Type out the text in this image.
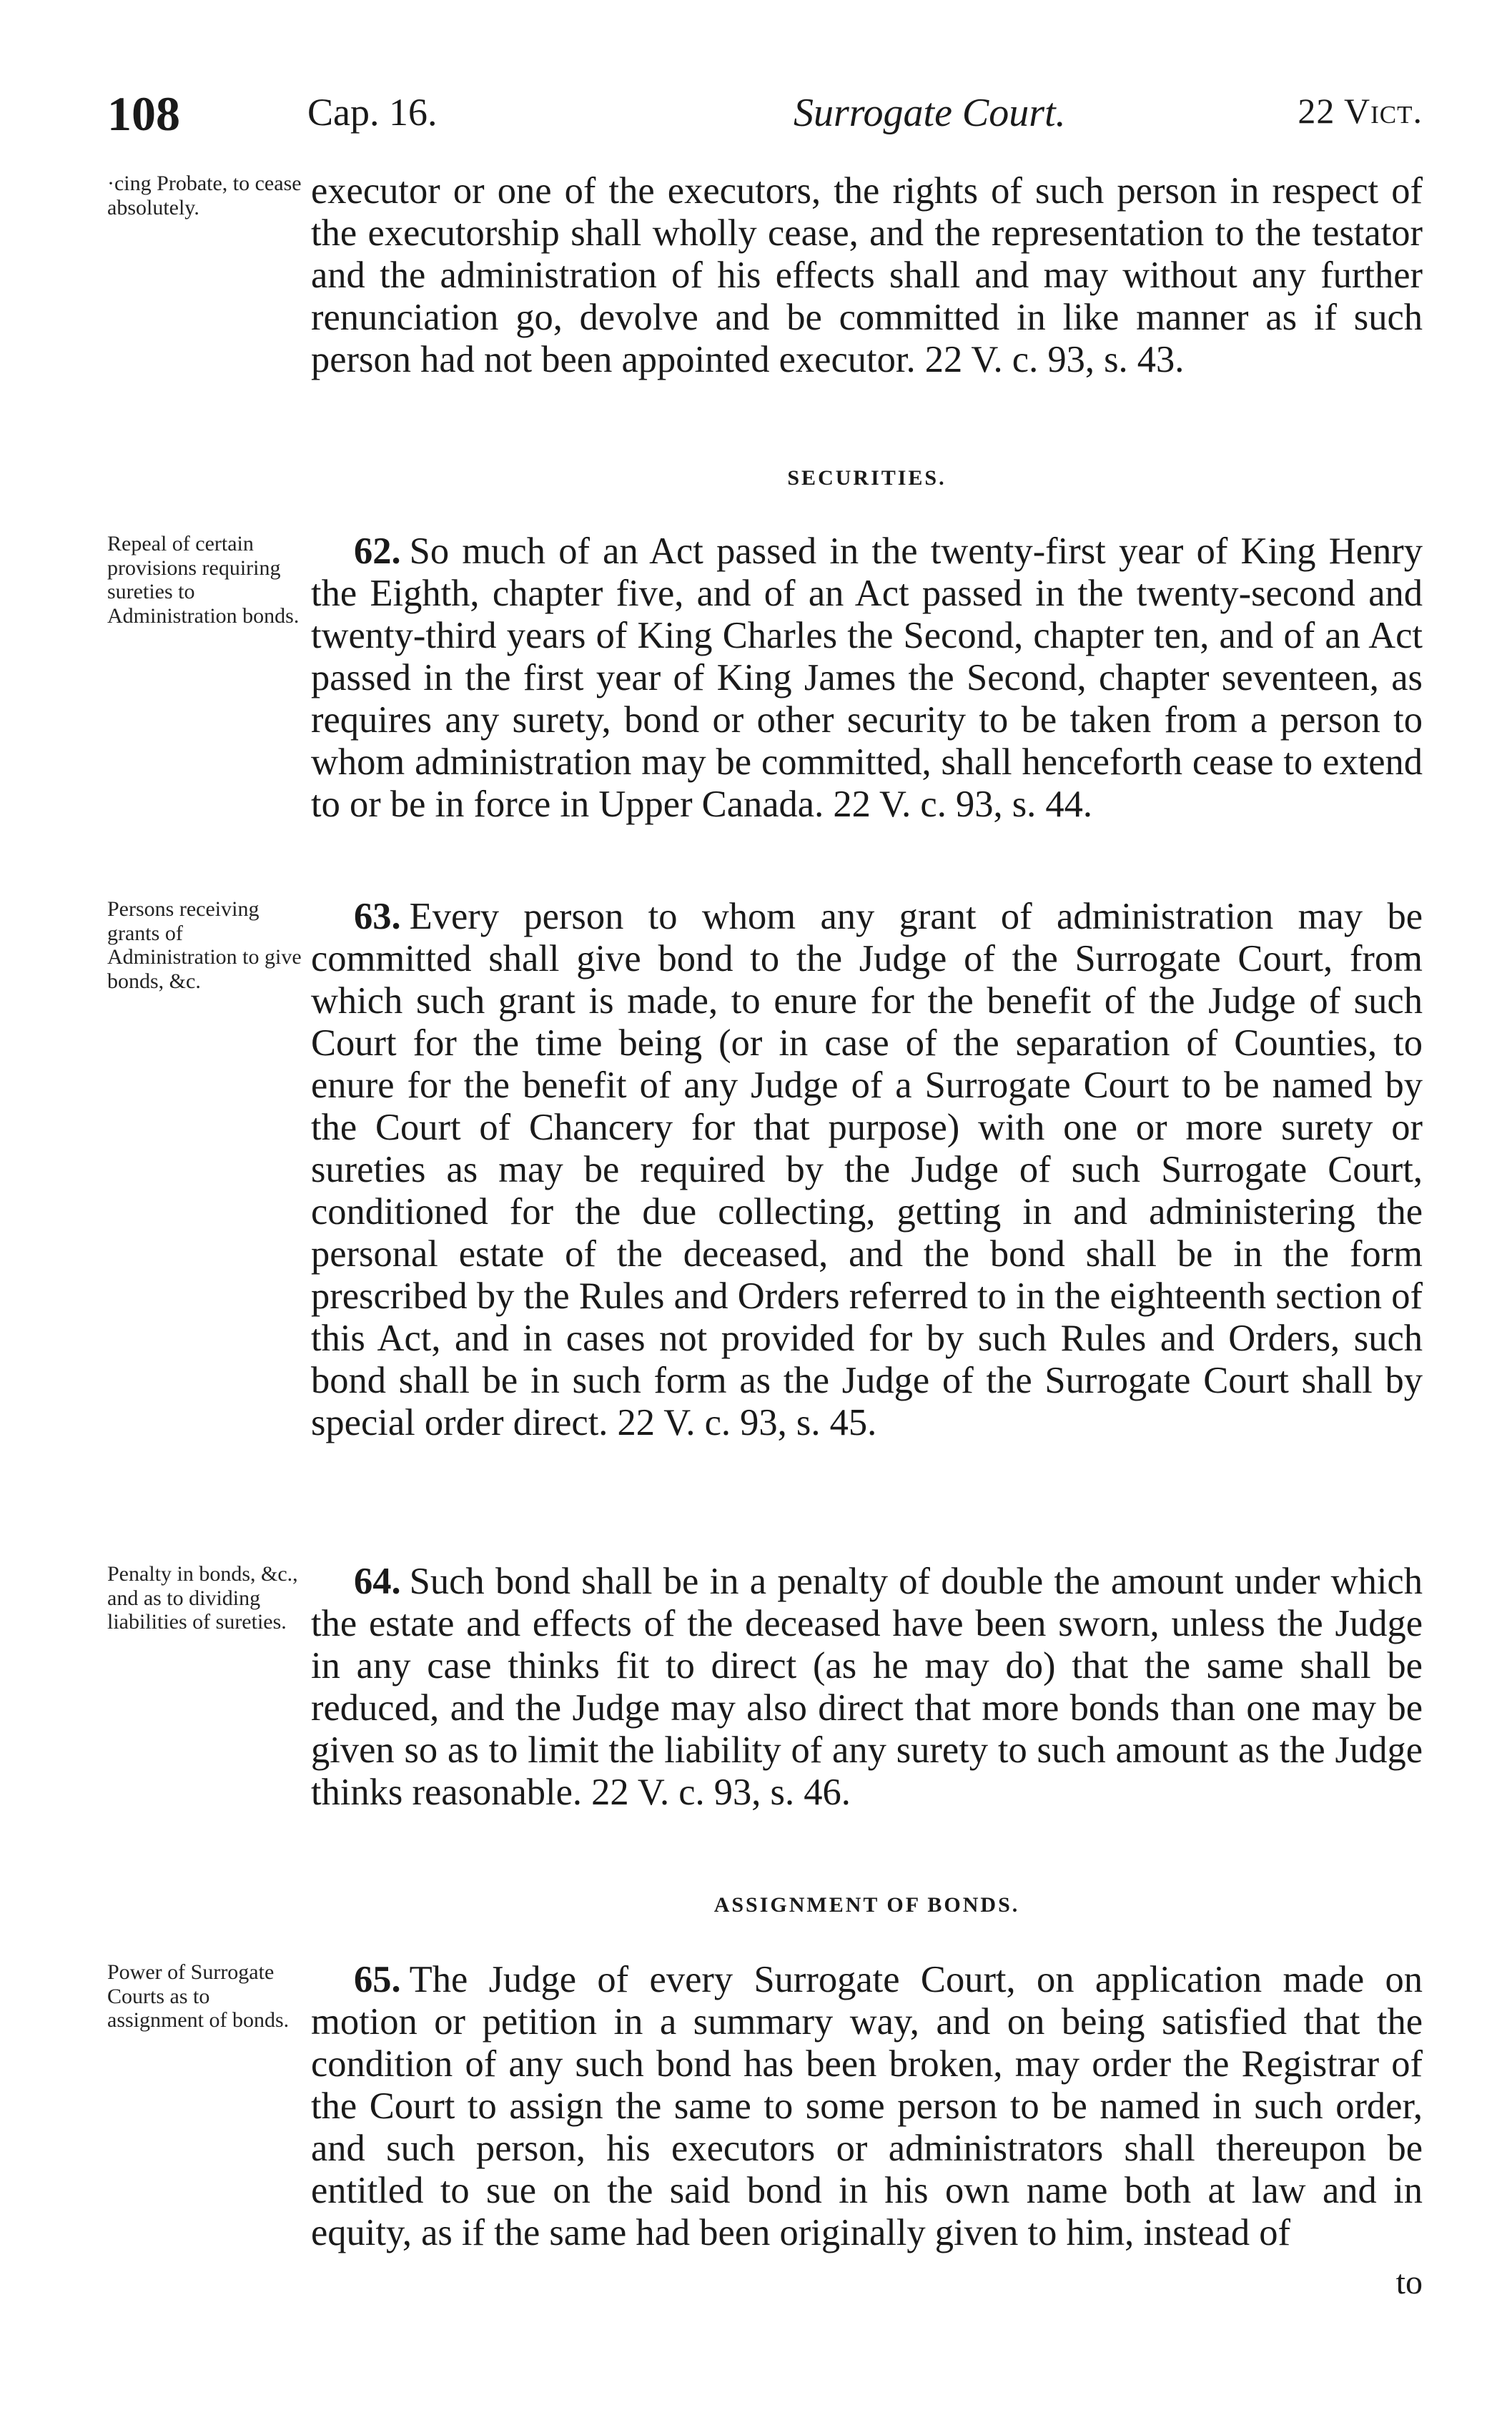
108	Cap. 16.	Surrogate Court.	22 Vict.
·cing Probate, to cease absolutely.	executor or one of the executors, the rights of such person in respect of the executorship shall wholly cease, and the representation to the testator and the administration of his effects shall and may without any further renunciation go, devolve and be committed in like manner as if such person had not been appointed executor. 22 V. c. 93, s. 43.
SECURITIES.
Repeal of certain provisions requiring sureties to Administration bonds.
62. So much of an Act passed in the twenty-first year of King Henry the Eighth, chapter five, and of an Act passed in the twenty-second and twenty-third years of King Charles the Second, chapter ten, and of an Act passed in the first year of King James the Second, chapter seventeen, as requires any surety, bond or other security to be taken from a person to whom administration may be committed, shall henceforth cease to extend to or be in force in Upper Canada. 22 V. c. 93, s. 44.
Persons receiving grants of Administration to give bonds, &c.
63. Every person to whom any grant of administration may be committed shall give bond to the Judge of the Surrogate Court, from which such grant is made, to enure for the benefit of the Judge of such Court for the time being (or in case of the separation of Counties, to enure for the benefit of any Judge of a Surrogate Court to be named by the Court of Chancery for that purpose) with one or more surety or sureties as may be required by the Judge of such Surrogate Court, conditioned for the due collecting, getting in and administering the personal estate of the deceased, and the bond shall be in the form prescribed by the Rules and Orders referred to in the eighteenth section of this Act, and in cases not provided for by such Rules and Orders, such bond shall be in such form as the Judge of the Surrogate Court shall by special order direct. 22 V. c. 93, s. 45.
Penalty in bonds, &c., and as to dividing liabilities of sureties.
64. Such bond shall be in a penalty of double the amount under which the estate and effects of the deceased have been sworn, unless the Judge in any case thinks fit to direct (as he may do) that the same shall be reduced, and the Judge may also direct that more bonds than one may be given so as to limit the liability of any surety to such amount as the Judge thinks reasonable. 22 V. c. 93, s. 46.
ASSIGNMENT OF BONDS.
Power of Surrogate Courts as to assignment of bonds.
65. The Judge of every Surrogate Court, on application made on motion or petition in a summary way, and on being satisfied that the condition of any such bond has been broken, may order the Registrar of the Court to assign the same to some person to be named in such order, and such person, his executors or administrators shall thereupon be entitled to sue on the said bond in his own name both at law and in equity, as if the same had been originally given to him, instead of
to
